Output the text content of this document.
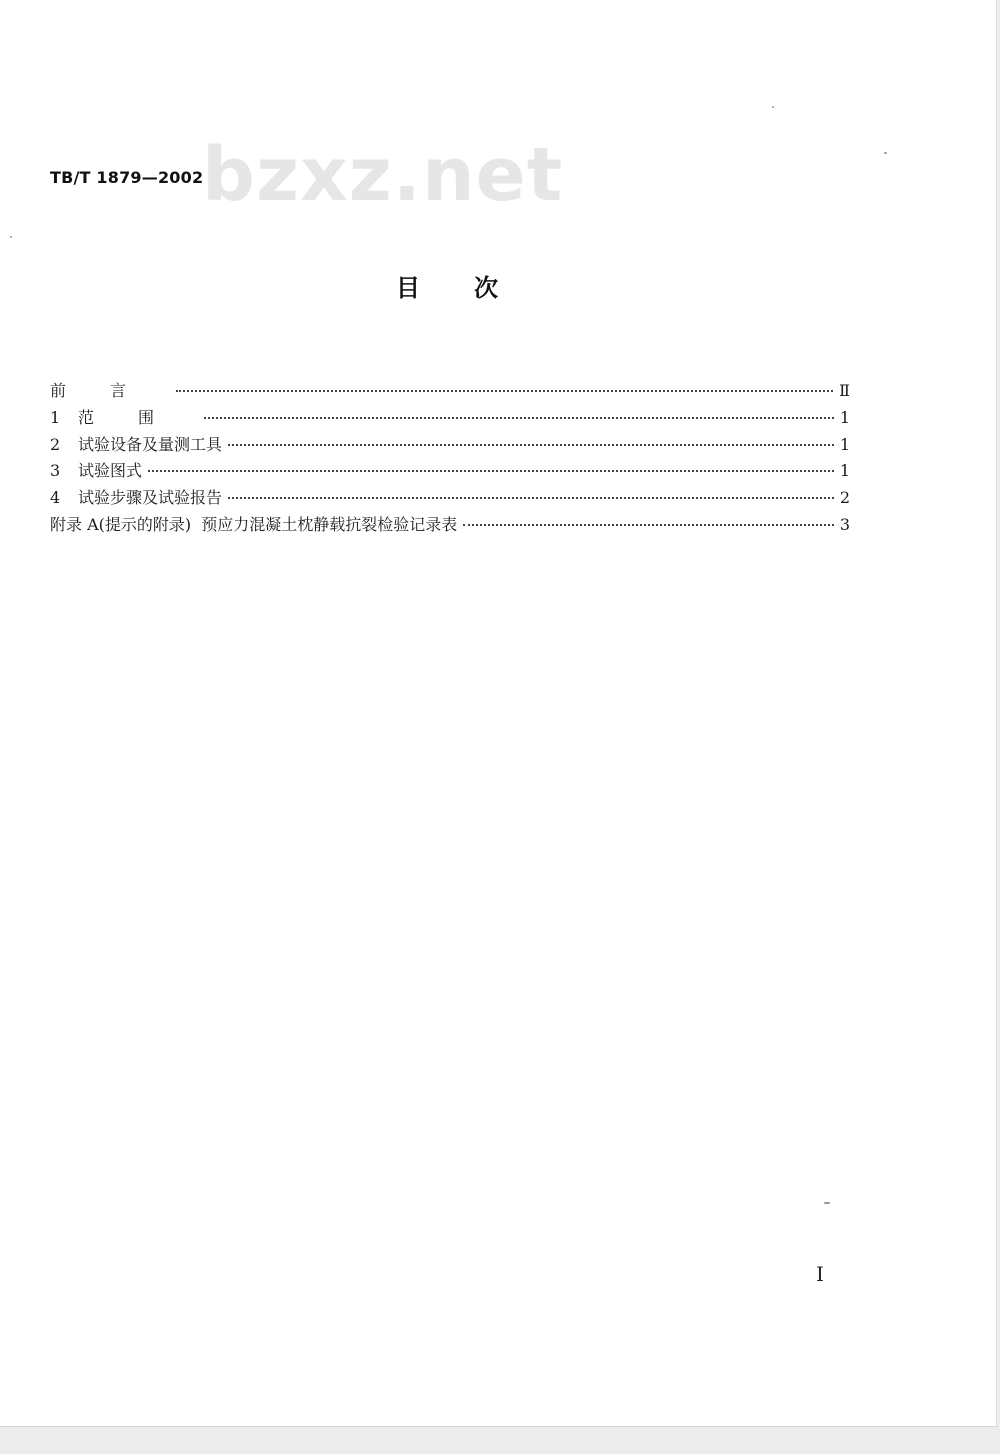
bzxz.net
TB/T 1879—2002
目次
前言	Ⅱ
1	范围	1
2	试验设备及量测工具	1
3	试验图式	1
4	试验步骤及试验报告	2
附录 A(提示的附录)  预应力混凝土枕静载抗裂检验记录表	3
I
